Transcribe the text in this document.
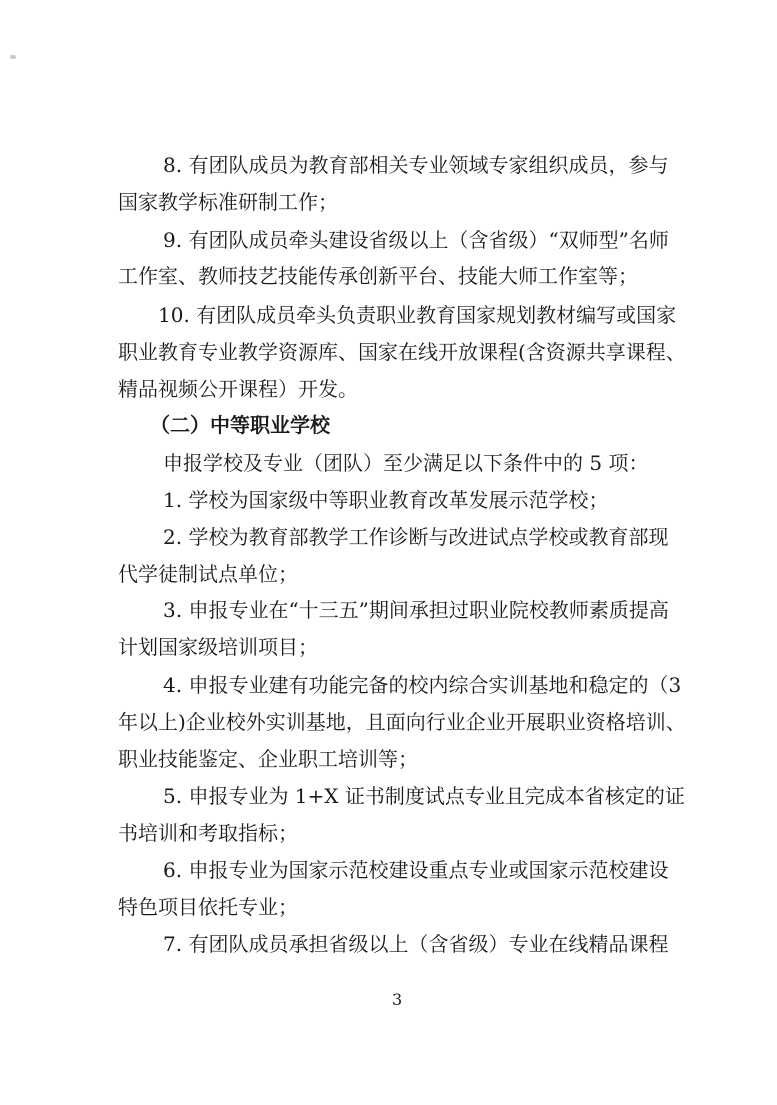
8. 有团队成员为教育部相关专业领域专家组织成员，参与
国家教学标准研制工作；
9. 有团队成员牵头建设省级以上（含省级）“双师型”名师
工作室、教师技艺技能传承创新平台、技能大师工作室等；
10. 有团队成员牵头负责职业教育国家规划教材编写或国家
职业教育专业教学资源库、国家在线开放课程(含资源共享课程、
精品视频公开课程）开发。
（二）中等职业学校
申报学校及专业（团队）至少满足以下条件中的 5 项：
1. 学校为国家级中等职业教育改革发展示范学校；
2. 学校为教育部教学工作诊断与改进试点学校或教育部现
代学徒制试点单位；
3. 申报专业在“十三五”期间承担过职业院校教师素质提高
计划国家级培训项目；
4. 申报专业建有功能完备的校内综合实训基地和稳定的（3
年以上)企业校外实训基地，且面向行业企业开展职业资格培训、
职业技能鉴定、企业职工培训等；
5. 申报专业为 1+X 证书制度试点专业且完成本省核定的证
书培训和考取指标；
6. 申报专业为国家示范校建设重点专业或国家示范校建设
特色项目依托专业；
7. 有团队成员承担省级以上（含省级）专业在线精品课程
3
